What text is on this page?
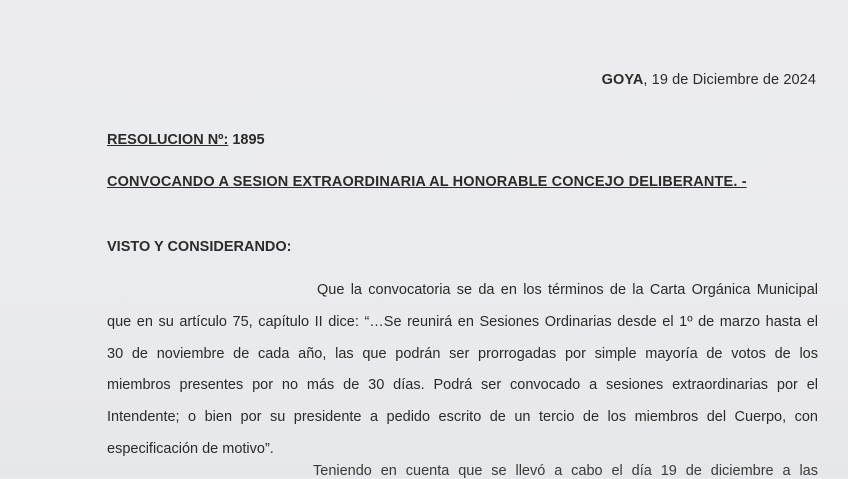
GOYA, 19 de Diciembre de 2024
RESOLUCION Nº: 1895
CONVOCANDO A SESION EXTRAORDINARIA AL HONORABLE CONCEJO DELIBERANTE. -
VISTO Y CONSIDERANDO:
Que la convocatoria se da en los términos de la Carta Orgánica Municipal
que en su artículo 75, capítulo II dice: “…Se reunirá en Sesiones Ordinarias desde el 1º de marzo hasta el
30 de noviembre de cada año, las que podrán ser prorrogadas por simple mayoría de votos de los
miembros presentes por no más de 30 días. Podrá ser convocado a sesiones extraordinarias por el
Intendente; o bien por su presidente a pedido escrito de un tercio de los miembros del Cuerpo, con
especificación de motivo”.
Teniendo en cuenta que se llevó a cabo el día 19 de diciembre a las
